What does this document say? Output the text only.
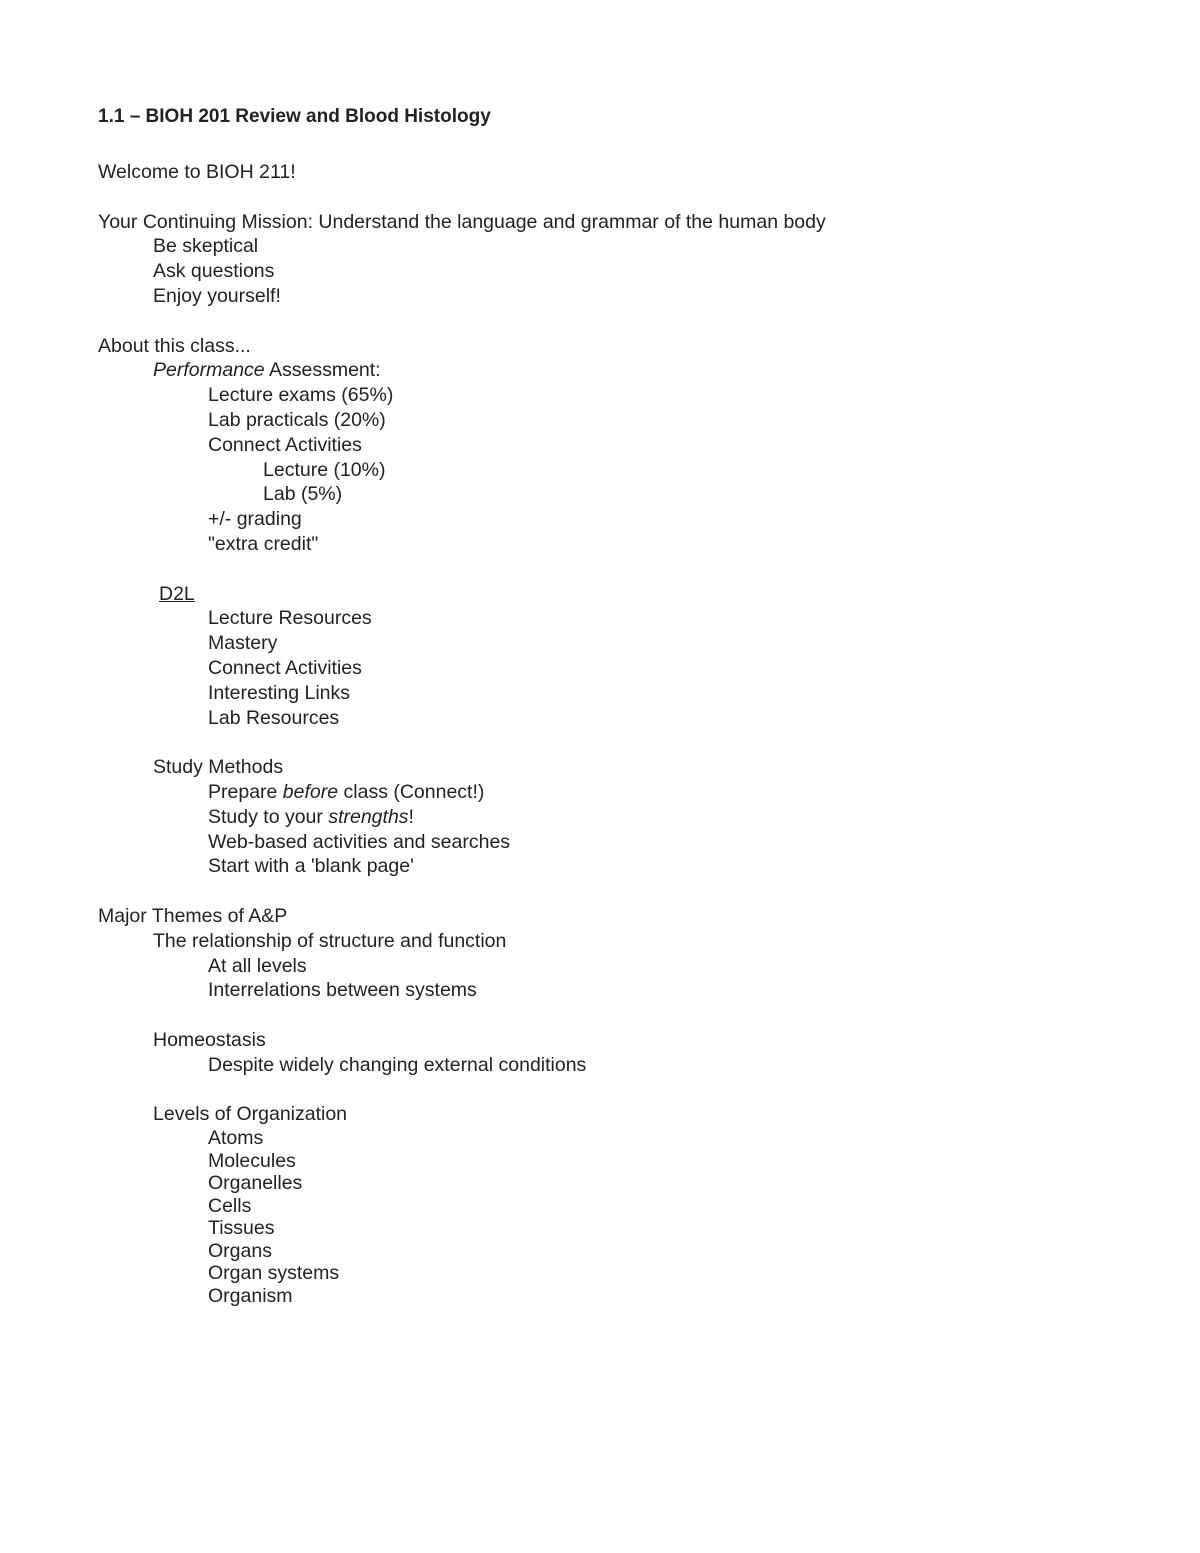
1.1 – BIOH 201 Review and Blood Histology
Welcome to BIOH 211!
Your Continuing Mission: Understand the language and grammar of the human body
Be skeptical
Ask questions
Enjoy yourself!
About this class...
Performance Assessment:
Lecture exams (65%)
Lab practicals (20%)
Connect Activities
Lecture (10%)
Lab (5%)
+/- grading
"extra credit"
D2L
Lecture Resources
Mastery
Connect Activities
Interesting Links
Lab Resources
Study Methods
Prepare before class (Connect!)
Study to your strengths!
Web-based activities and searches
Start with a 'blank page'
Major Themes of A&P
The relationship of structure and function
At all levels
Interrelations between systems
Homeostasis
Despite widely changing external conditions
Levels of Organization
Atoms
Molecules
Organelles
Cells
Tissues
Organs
Organ systems
Organism
